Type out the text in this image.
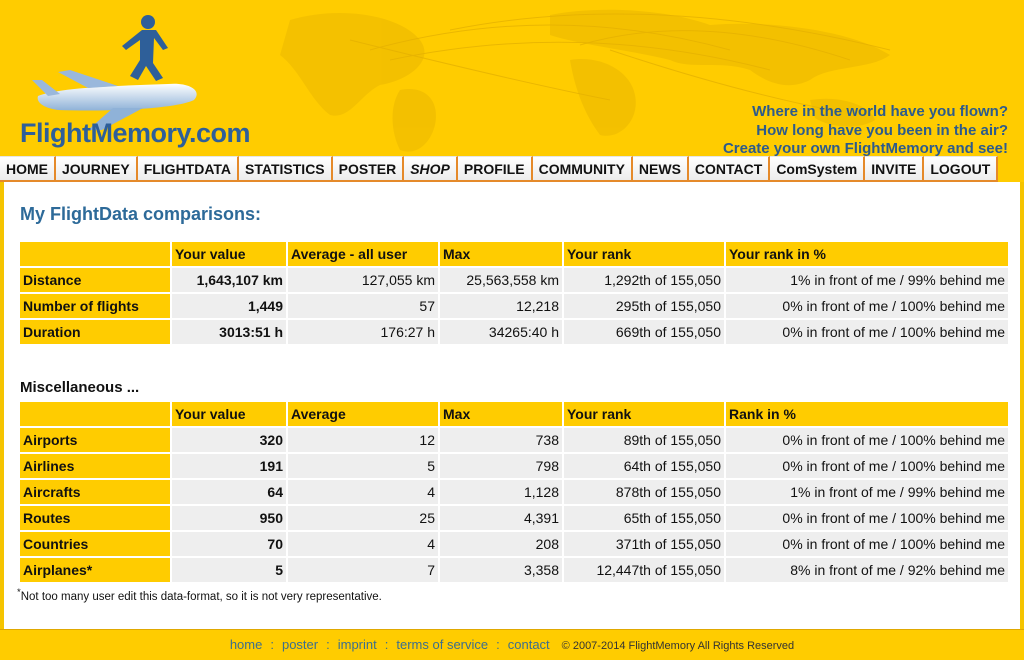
FlightMemory.com
Where in the world have you flown?
How long have you been in the air?
Create your own FlightMemory and see!
HOME	JOURNEY	FLIGHTDATA	STATISTICS	POSTER	SHOP	PROFILE	COMMUNITY	NEWS	CONTACT	ComSystem	INVITE	LOGOUT
My FlightData comparisons:
	Your value	Average - all user	Max	Your rank	Your rank in %
Distance	1,643,107 km	127,055 km	25,563,558 km	1,292th of 155,050	1% in front of me / 99% behind me
Number of flights	1,449	57	12,218	295th of 155,050	0% in front of me / 100% behind me
Duration	3013:51 h	176:27 h	34265:40 h	669th of 155,050	0% in front of me / 100% behind me
Miscellaneous ...
	Your value	Average	Max	Your rank	Rank in %
Airports	320	12	738	89th of 155,050	0% in front of me / 100% behind me
Airlines	191	5	798	64th of 155,050	0% in front of me / 100% behind me
Aircrafts	64	4	1,128	878th of 155,050	1% in front of me / 99% behind me
Routes	950	25	4,391	65th of 155,050	0% in front of me / 100% behind me
Countries	70	4	208	371th of 155,050	0% in front of me / 100% behind me
Airplanes*	5	7	3,358	12,447th of 155,050	8% in front of me / 92% behind me
*Not too many user edit this data-format, so it is not very representative.
home : poster : imprint : terms of service : contact © 2007-2014 FlightMemory All Rights Reserved
